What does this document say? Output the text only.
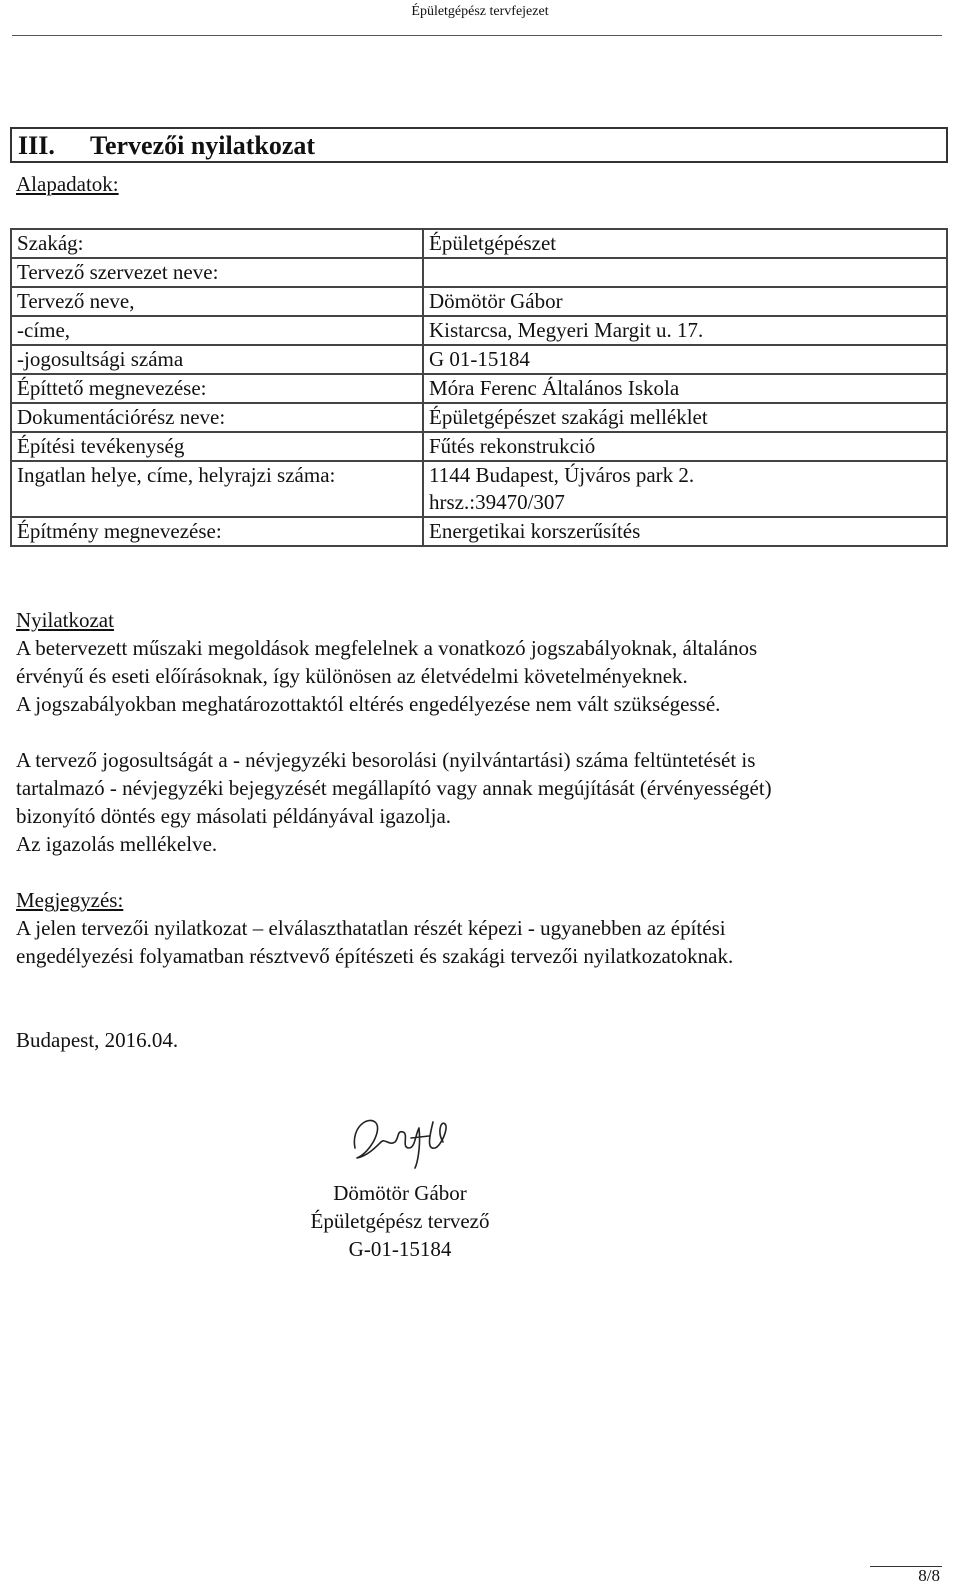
Épületgépész tervfejezet
III. Tervezői nyilatkozat
Alapadatok:
Szakág:	Épületgépészet
Tervező szervezet neve:	
Tervező neve,	Dömötör Gábor
-címe,	Kistarcsa, Megyeri Margit u. 17.
-jogosultsági száma	G 01-15184
Építtető megnevezése:	Móra Ferenc Általános Iskola
Dokumentációrész neve:	Épületgépészet szakági melléklet
Építési tevékenység	Fűtés rekonstrukció
Ingatlan helye, címe, helyrajzi száma:	1144 Budapest, Újváros park 2.
hrsz.:39470/307

Építmény megnevezése:	Energetikai korszerűsítés

Nyilatkozat

A betervezett műszaki megoldások megfelelnek a vonatkozó jogszabályoknak, általános

érvényű és eseti előírásoknak, így különösen az életvédelmi követelményeknek.

A jogszabályokban meghatározottaktól eltérés engedélyezése nem vált szükségessé.

A tervező jogosultságát a - névjegyzéki besorolási (nyilvántartási) száma feltüntetését is

tartalmazó - névjegyzéki bejegyzését megállapító vagy annak megújítását (érvényességét)

bizonyító döntés egy másolati példányával igazolja.

Az igazolás mellékelve.

Megjegyzés:

A jelen tervezői nyilatkozat – elválaszthatatlan részét képezi - ugyanebben az építési

engedélyezési folyamatban résztvevő építészeti és szakági tervezői nyilatkozatoknak.

Budapest, 2016.04.
Dömötör Gábor
Épületgépész tervező
G-01-15184
8/8
